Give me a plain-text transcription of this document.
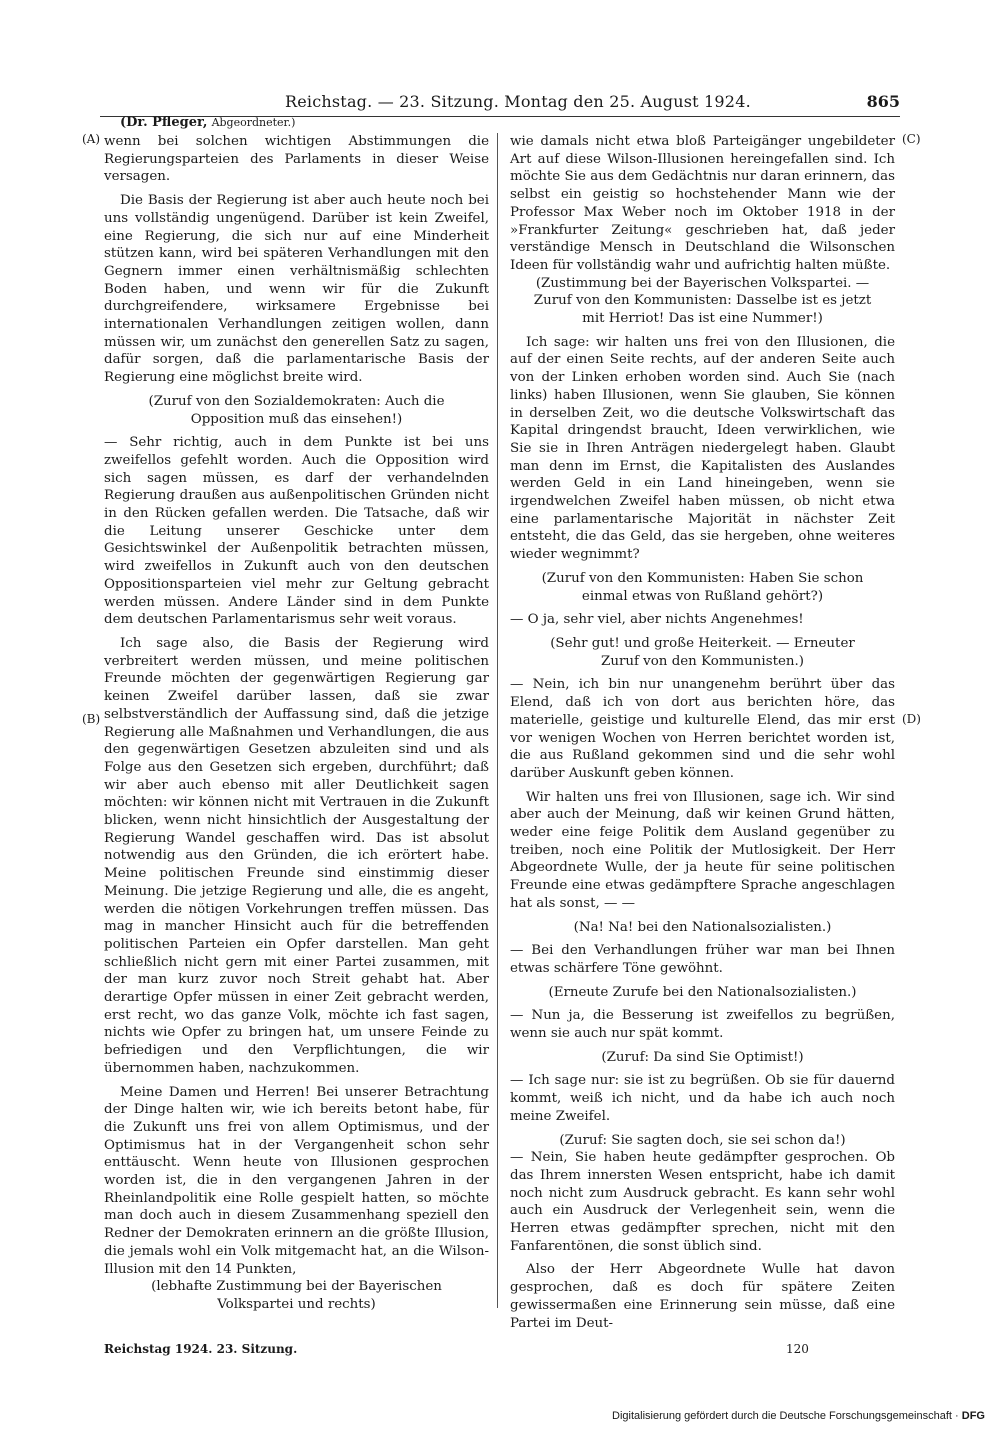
Reichstag. — 23. Sitzung. Montag den 25. August 1924.	865
(Dr. Pfleger, Abgeordneter.)
(A)
(B)
(C)
(D)

wenn bei solchen wichtigen Abstimmungen die Regierungsparteien des Parlaments in dieser Weise versagen.

Die Basis der Regierung ist aber auch heute noch bei uns vollständig ungenügend. Darüber ist kein Zweifel, eine Regierung, die sich nur auf eine Minderheit stützen kann, wird bei späteren Verhandlungen mit den Gegnern immer einen verhältnismäßig schlechten Boden haben, und wenn wir für die Zukunft durchgreifendere, wirksamere Ergebnisse bei internationalen Verhandlungen zeitigen wollen, dann müssen wir, um zunächst den generellen Satz zu sagen, dafür sorgen, daß die parlamentarische Basis der Regierung eine möglichst breite wird.

(Zuruf von den Sozialdemokraten: Auch die Opposition muß das einsehen!)

— Sehr richtig, auch in dem Punkte ist bei uns zweifellos gefehlt worden. Auch die Opposition wird sich sagen müssen, es darf der verhandelnden Regierung draußen aus außenpolitischen Gründen nicht in den Rücken gefallen werden. Die Tatsache, daß wir die Leitung unserer Geschicke unter dem Gesichtswinkel der Außenpolitik betrachten müssen, wird zweifellos in Zukunft auch von den deutschen Oppositionsparteien viel mehr zur Geltung gebracht werden müssen. Andere Länder sind in dem Punkte dem deutschen Parlamentarismus sehr weit voraus.

Ich sage also, die Basis der Regierung wird verbreitert werden müssen, und meine politischen Freunde möchten der gegenwärtigen Regierung gar keinen Zweifel darüber lassen, daß sie zwar selbstverständlich der Auffassung sind, daß die jetzige Regierung alle Maßnahmen und Verhandlungen, die aus den gegenwärtigen Gesetzen abzuleiten sind und als Folge aus den Gesetzen sich ergeben, durchführt; daß wir aber auch ebenso mit aller Deutlichkeit sagen möchten: wir können nicht mit Vertrauen in die Zukunft blicken, wenn nicht hinsichtlich der Ausgestaltung der Regierung Wandel geschaffen wird. Das ist absolut notwendig aus den Gründen, die ich erörtert habe. Meine politischen Freunde sind einstimmig dieser Meinung. Die jetzige Regierung und alle, die es angeht, werden die nötigen Vorkehrungen treffen müssen. Das mag in mancher Hinsicht auch für die betreffenden politischen Parteien ein Opfer darstellen. Man geht schließlich nicht gern mit einer Partei zusammen, mit der man kurz zuvor noch Streit gehabt hat. Aber derartige Opfer müssen in einer Zeit gebracht werden, erst recht, wo das ganze Volk, möchte ich fast sagen, nichts wie Opfer zu bringen hat, um unsere Feinde zu befriedigen und den Verpflichtungen, die wir übernommen haben, nachzukommen.

Meine Damen und Herren! Bei unserer Betrachtung der Dinge halten wir, wie ich bereits betont habe, für die Zukunft uns frei von allem Optimismus, und der Optimismus hat in der Vergangenheit schon sehr enttäuscht. Wenn heute von Illusionen gesprochen worden ist, die in den vergangenen Jahren in der Rheinlandpolitik eine Rolle gespielt hatten, so möchte man doch auch in diesem Zusammenhang speziell den Redner der Demokraten erinnern an die größte Illusion, die jemals wohl ein Volk mitgemacht hat, an die Wilson-Illusion mit den 14 Punkten,

(lebhafte Zustimmung bei der Bayerischen Volkspartei und rechts)

wie damals nicht etwa bloß Parteigänger ungebildeter Art auf diese Wilson-Illusionen hereingefallen sind. Ich möchte Sie aus dem Gedächtnis nur daran erinnern, das selbst ein geistig so hochstehender Mann wie der Professor Max Weber noch im Oktober 1918 in der »Frankfurter Zeitung« geschrieben hat, daß jeder verständige Mensch in Deutschland die Wilsonschen Ideen für vollständig wahr und aufrichtig halten müßte.

(Zustimmung bei der Bayerischen Volkspartei. — Zuruf von den Kommunisten: Dasselbe ist es jetzt mit Herriot! Das ist eine Nummer!)

Ich sage: wir halten uns frei von den Illusionen, die auf der einen Seite rechts, auf der anderen Seite auch von der Linken erhoben worden sind. Auch Sie (nach links) haben Illusionen, wenn Sie glauben, Sie können in derselben Zeit, wo die deutsche Volkswirtschaft das Kapital dringendst braucht, Ideen verwirklichen, wie Sie sie in Ihren Anträgen niedergelegt haben. Glaubt man denn im Ernst, die Kapitalisten des Auslandes werden Geld in ein Land hineingeben, wenn sie irgendwelchen Zweifel haben müssen, ob nicht etwa eine parlamentarische Majorität in nächster Zeit entsteht, die das Geld, das sie hergeben, ohne weiteres wieder wegnimmt?

(Zuruf von den Kommunisten: Haben Sie schon einmal etwas von Rußland gehört?)

— O ja, sehr viel, aber nichts Angenehmes!

(Sehr gut! und große Heiterkeit. — Erneuter Zuruf von den Kommunisten.)

— Nein, ich bin nur unangenehm berührt über das Elend, daß ich von dort aus berichten höre, das materielle, geistige und kulturelle Elend, das mir erst vor wenigen Wochen von Herren berichtet worden ist, die aus Rußland gekommen sind und die sehr wohl darüber Auskunft geben können.

Wir halten uns frei von Illusionen, sage ich. Wir sind aber auch der Meinung, daß wir keinen Grund hätten, weder eine feige Politik dem Ausland gegenüber zu treiben, noch eine Politik der Mutlosigkeit. Der Herr Abgeordnete Wulle, der ja heute für seine politischen Freunde eine etwas gedämpftere Sprache angeschlagen hat als sonst, — —

(Na! Na! bei den Nationalsozialisten.)

— Bei den Verhandlungen früher war man bei Ihnen etwas schärfere Töne gewöhnt.

(Erneute Zurufe bei den Nationalsozialisten.)

— Nun ja, die Besserung ist zweifellos zu begrüßen, wenn sie auch nur spät kommt.

(Zuruf: Da sind Sie Optimist!)

— Ich sage nur: sie ist zu begrüßen. Ob sie für dauernd kommt, weiß ich nicht, und da habe ich auch noch meine Zweifel.

(Zuruf: Sie sagten doch, sie sei schon da!)

— Nein, Sie haben heute gedämpfter gesprochen. Ob das Ihrem innersten Wesen entspricht, habe ich damit noch nicht zum Ausdruck gebracht. Es kann sehr wohl auch ein Ausdruck der Verlegenheit sein, wenn die Herren etwas gedämpfter sprechen, nicht mit den Fanfarentönen, die sonst üblich sind.

Also der Herr Abgeordnete Wulle hat davon gesprochen, daß es doch für spätere Zeiten gewissermaßen eine Erinnerung sein müsse, daß eine Partei im Deut-

Reichstag 1924. 23. Sitzung.	120
Digitalisierung gefördert durch die Deutsche Forschungsgemeinschaft · DFG
